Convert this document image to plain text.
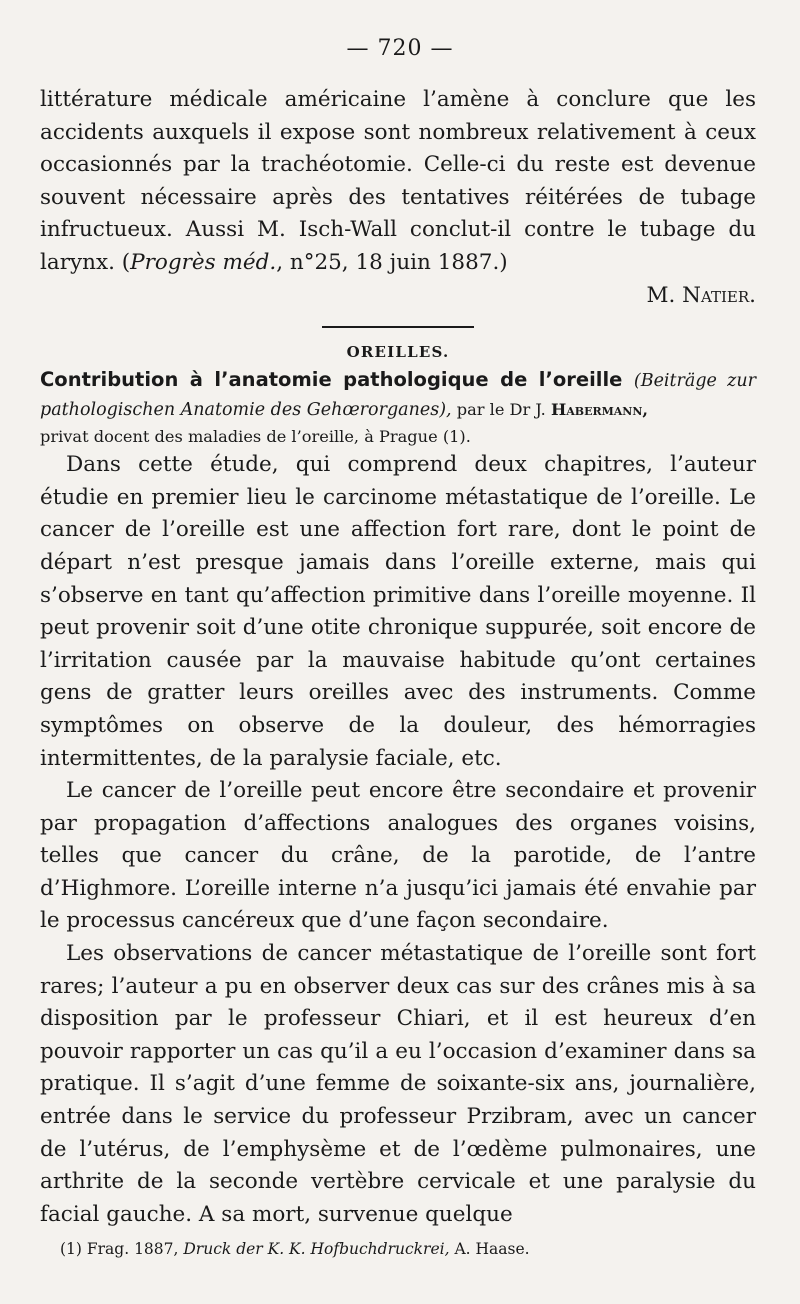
— 720 —

littérature médicale américaine l’amène à conclure que les accidents auxquels il expose sont nombreux relativement à ceux occasionnés par la trachéotomie. Celle-ci du reste est devenue souvent nécessaire après des tentatives réitérées de tubage infructueux. Aussi M. Isch-Wall conclut-il contre le tubage du larynx. (Progrès méd., n°25, 18 juin 1887.)

M. Natier.

OREILLES.
Contribution à l’anatomie pathologique de l’oreille (Beiträge zur pathologischen Anatomie des Gehœrorganes), par le Dr J. Habermann,
privat docent des maladies de l’oreille, à Prague (1).

Dans cette étude, qui comprend deux chapitres, l’auteur étudie en premier lieu le carcinome métastatique de l’oreille. Le cancer de l’oreille est une affection fort rare, dont le point de départ n’est presque jamais dans l’oreille externe, mais qui s’observe en tant qu’affection primitive dans l’oreille moyenne. Il peut provenir soit d’une otite chronique suppurée, soit encore de l’irritation causée par la mauvaise habitude qu’ont certaines gens de gratter leurs oreilles avec des instruments. Comme symptômes on observe de la douleur, des hémorragies intermittentes, de la paralysie faciale, etc.

Le cancer de l’oreille peut encore être secondaire et provenir par propagation d’affections analogues des organes voisins, telles que cancer du crâne, de la parotide, de l’antre d’Highmore. L’oreille interne n’a jusqu’ici jamais été envahie par le processus cancéreux que d’une façon secondaire.

Les observations de cancer métastatique de l’oreille sont fort rares; l’auteur a pu en observer deux cas sur des crânes mis à sa disposition par le professeur Chiari, et il est heureux d’en pouvoir rapporter un cas qu’il a eu l’occasion d’examiner dans sa pratique. Il s’agit d’une femme de soixante-six ans, journalière, entrée dans le service du professeur Przibram, avec un cancer de l’utérus, de l’emphysème et de l’œdème pulmonaires, une arthrite de la seconde vertèbre cervicale et une paralysie du facial gauche. A sa mort, survenue quelque

(1) Frag. 1887, Druck der K. K. Hofbuchdruckrei, A. Haase.
